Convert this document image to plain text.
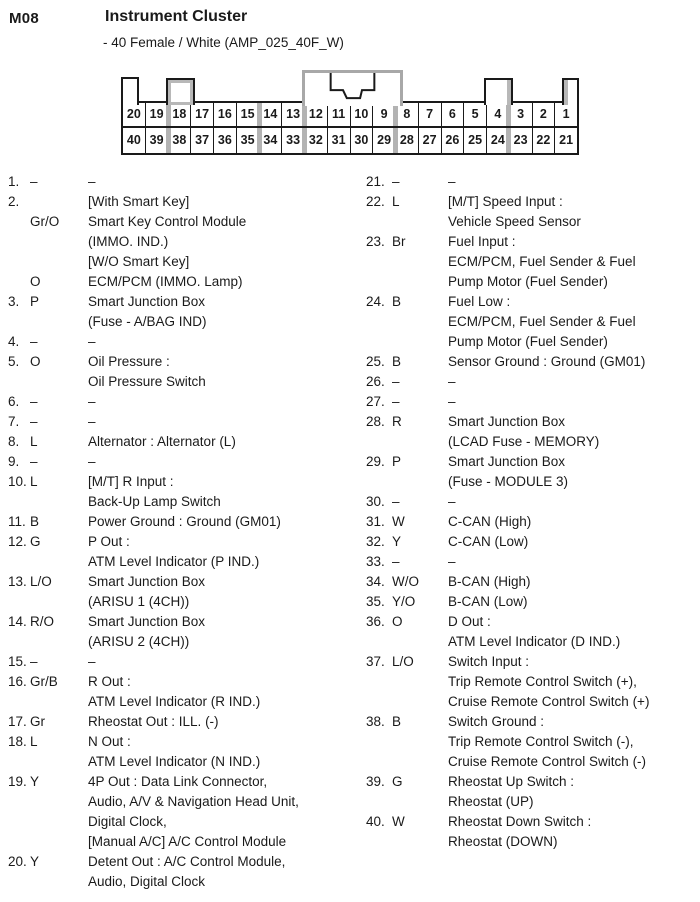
M08	Instrument Cluster
- 40 Female / White (AMP_025_40F_W)
20 19 18 17 16 15 14 13 12 11 10 9	8	7	6	5	4	3	2	1
40 39 38 37 36 35 34 33 32 31 30 29 28 27 26 25 24 23 22 21
1. –	–
2.	[With Smart Key]
Gr/O	Smart Key Control Module
(IMMO. IND.)
[W/O Smart Key]
O	ECM/PCM (IMMO. Lamp)
3. P	Smart Junction Box
(Fuse - A/BAG IND)
4. –	–
5. O	Oil Pressure :
Oil Pressure Switch
6. –	–
7. –	–
8. L	Alternator : Alternator (L)
9. –	–
10. L	[M/T] R Input :
Back-Up Lamp Switch
11. B	Power Ground : Ground (GM01)
12. G	P Out :
ATM Level Indicator (P IND.)
13. L/O	Smart Junction Box
(ARISU 1 (4CH))
14. R/O	Smart Junction Box
(ARISU 2 (4CH))
15. –	–
16. Gr/B	R Out :
ATM Level Indicator (R IND.)
17. Gr	Rheostat Out : ILL. (-)
18. L	N Out :
ATM Level Indicator (N IND.)
19. Y	4P Out : Data Link Connector,
Audio, A/V & Navigation Head Unit,
Digital Clock,
[Manual A/C] A/C Control Module
20. Y	Detent Out : A/C Control Module,
Audio, Digital Clock
21. –	–
22. L	[M/T] Speed Input :
Vehicle Speed Sensor
23. Br	Fuel Input :
ECM/PCM, Fuel Sender & Fuel
Pump Motor (Fuel Sender)
24. B	Fuel Low :
ECM/PCM, Fuel Sender & Fuel
Pump Motor (Fuel Sender)
25. B	Sensor Ground : Ground (GM01)
26. –	–
27. –	–
28. R	Smart Junction Box
(LCAD Fuse - MEMORY)
29. P	Smart Junction Box
(Fuse - MODULE 3)
30. –	–
31. W	C-CAN (High)
32. Y	C-CAN (Low)
33. –	–
34. W/O	B-CAN (High)
35. Y/O	B-CAN (Low)
36. O	D Out :
ATM Level Indicator (D IND.)
37. L/O	Switch Input :
Trip Remote Control Switch (+),
Cruise Remote Control Switch (+)
38. B	Switch Ground :
Trip Remote Control Switch (-),
Cruise Remote Control Switch (-)
39. G	Rheostat Up Switch :
Rheostat (UP)
40. W	Rheostat Down Switch :
Rheostat (DOWN)
